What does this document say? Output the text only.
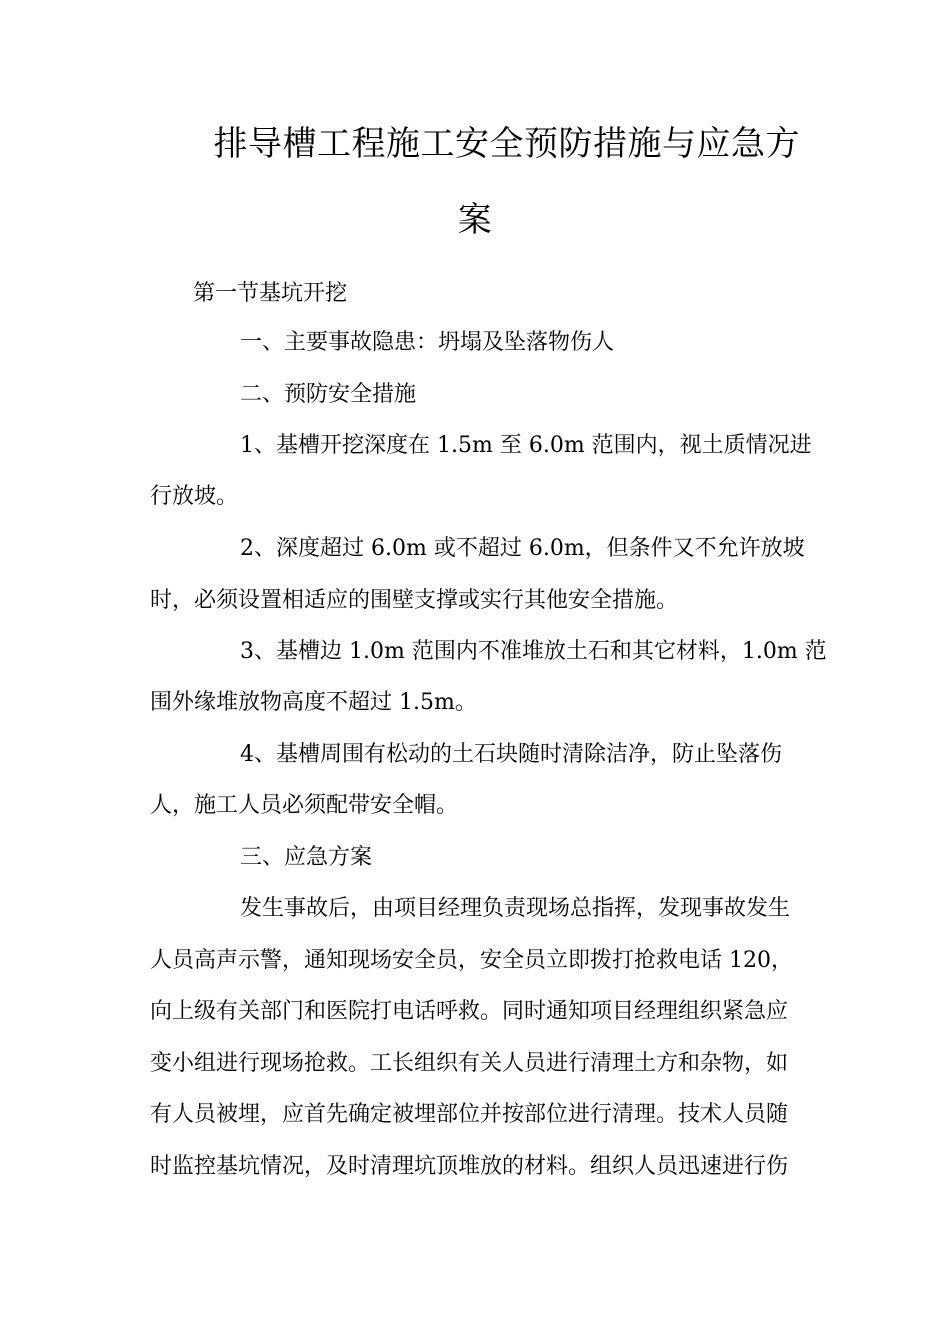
排导槽工程施工安全预防措施与应急方
案
第一节基坑开挖
一、主要事故隐患：坍塌及坠落物伤人
二、预防安全措施
1、基槽开挖深度在 1.5m 至 6.0m 范围内，视土质情况进
行放坡。
2、深度超过 6.0m 或不超过 6.0m，但条件又不允许放坡
时，必须设置相适应的围壁支撑或实行其他安全措施。
3、基槽边 1.0m 范围内不准堆放土石和其它材料，1.0m 范
围外缘堆放物高度不超过 1.5m。
4、基槽周围有松动的土石块随时清除洁净，防止坠落伤
人，施工人员必须配带安全帽。
三、应急方案
发生事故后，由项目经理负责现场总指挥，发现事故发生
人员高声示警，通知现场安全员，安全员立即拨打抢救电话 120，
向上级有关部门和医院打电话呼救。同时通知项目经理组织紧急应
变小组进行现场抢救。工长组织有关人员进行清理土方和杂物，如
有人员被埋，应首先确定被埋部位并按部位进行清理。技术人员随
时监控基坑情况，及时清理坑顶堆放的材料。组织人员迅速进行伤
